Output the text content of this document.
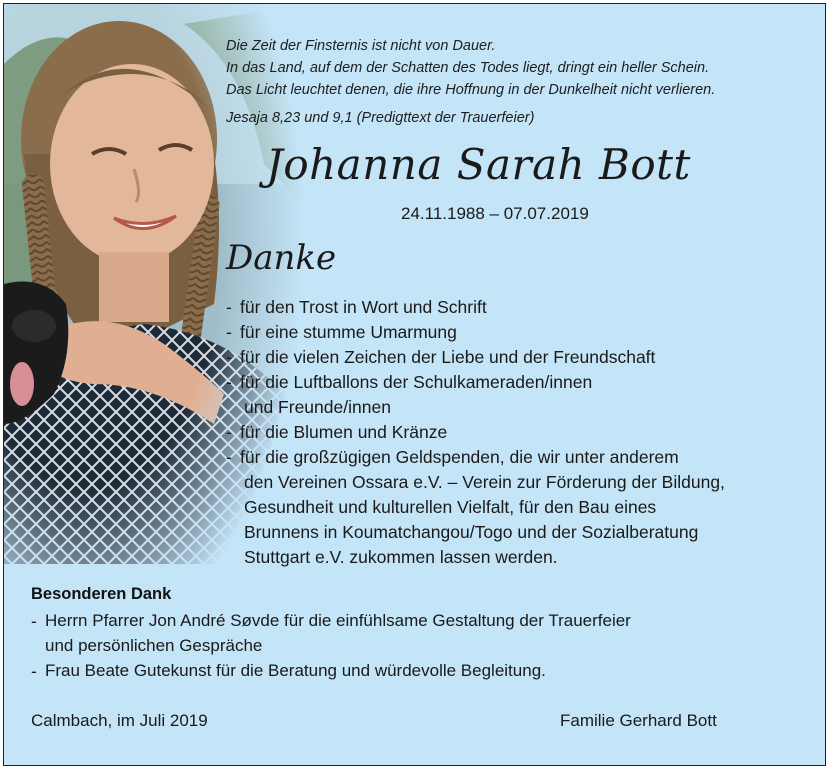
Die Zeit der Finsternis ist nicht von Dauer.
In das Land, auf dem der Schatten des Todes liegt, dringt ein heller Schein.
Das Licht leuchtet denen, die ihre Hoffnung in der Dunkelheit nicht verlieren.
Jesaja 8,23 und 9,1 (Predigttext der Trauerfeier)
Johanna Sarah Bott
24.11.1988 – 07.07.2019
Danke
- für den Trost in Wort und Schrift
- für eine stumme Umarmung
- für die vielen Zeichen der Liebe und der Freundschaft
- für die Luftballons der Schulkameraden/innen
und Freunde/innen
- für die Blumen und Kränze
- für die großzügigen Geldspenden, die wir unter anderem
den Vereinen Ossara e.V. – Verein zur Förderung der Bildung,
Gesundheit und kulturellen Vielfalt, für den Bau eines
Brunnens in Koumatchangou/Togo und der Sozialberatung
Stuttgart e.V. zukommen lassen werden.
Besonderen Dank
- Herrn Pfarrer Jon André Søvde für die einfühlsame Gestaltung der Trauerfeier
und persönlichen Gespräche
- Frau Beate Gutekunst für die Beratung und würdevolle Begleitung.
Calmbach, im Juli 2019	Familie Gerhard Bott
